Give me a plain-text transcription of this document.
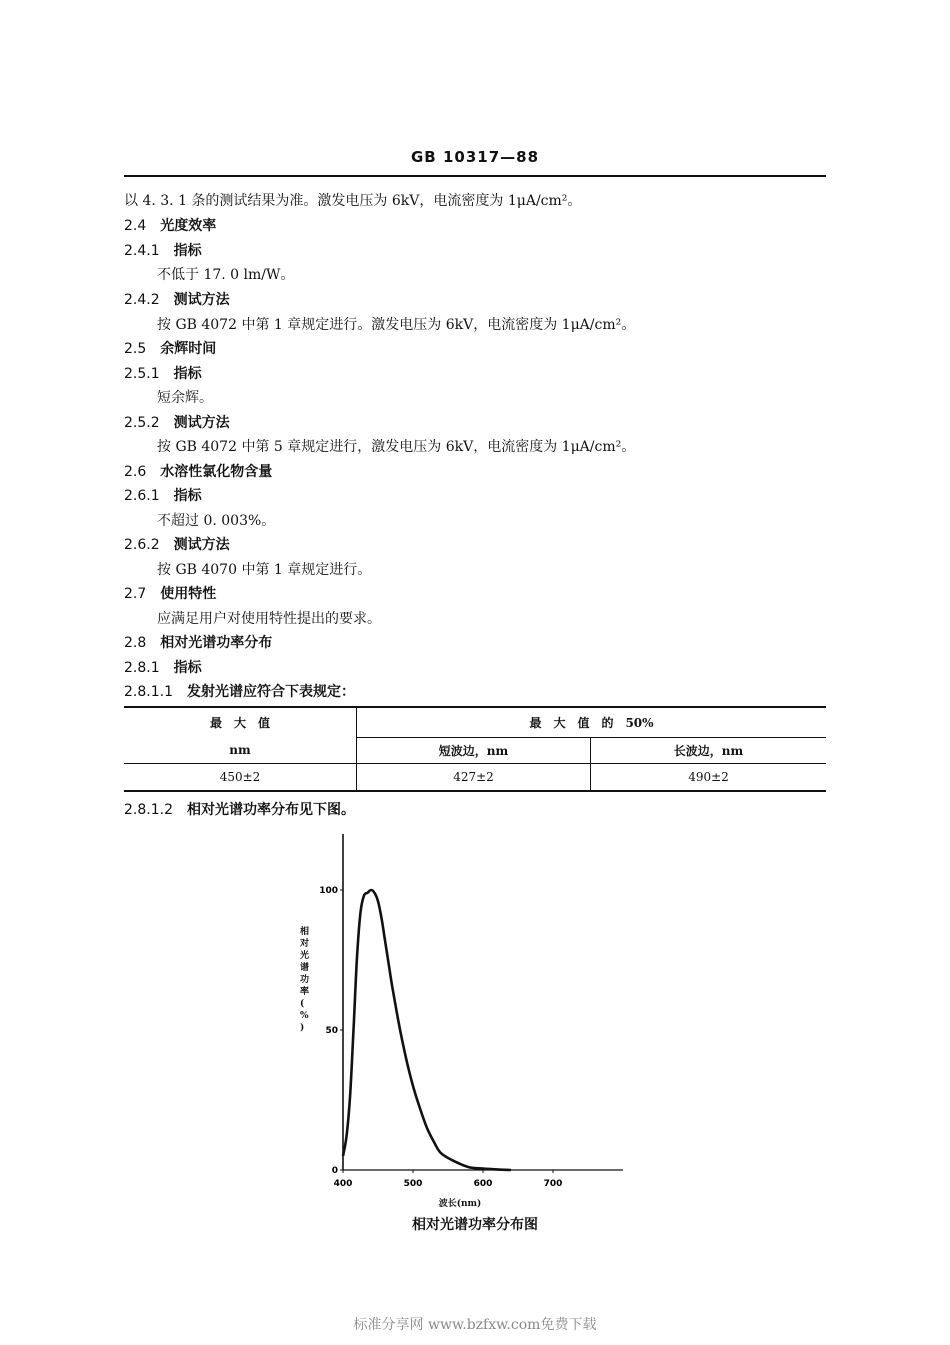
GB 10317—88
以 4. 3. 1 条的测试结果为准。激发电压为 6kV，电流密度为 1μA/cm²。
2.4 光度效率
2.4.1 指标
不低于 17. 0 lm/W。
2.4.2 测试方法
按 GB 4072 中第 1 章规定进行。激发电压为 6kV，电流密度为 1μA/cm²。
2.5 余辉时间
2.5.1 指标
短余辉。
2.5.2 测试方法
按 GB 4072 中第 5 章规定进行，激发电压为 6kV，电流密度为 1μA/cm²。
2.6 水溶性氯化物含量
2.6.1 指标
不超过 0. 003%。
2.6.2 测试方法
按 GB 4070 中第 1 章规定进行。
2.7 使用特性
应满足用户对使用特性提出的要求。
2.8 相对光谱功率分布
2.8.1 指标
2.8.1.1 发射光谱应符合下表规定：
最　大　值	最　大　值　的　50%	
nm	短波边，nm	长波边，nm
450±2	427±2	490±2
2.8.1.2 相对光谱功率分布见下图。
0
50
100
400	500	600	700
相对光谱功率( % )
波长(nm)
相对光谱功率分布图
标准分享网 www.bzfxw.com免费下载
